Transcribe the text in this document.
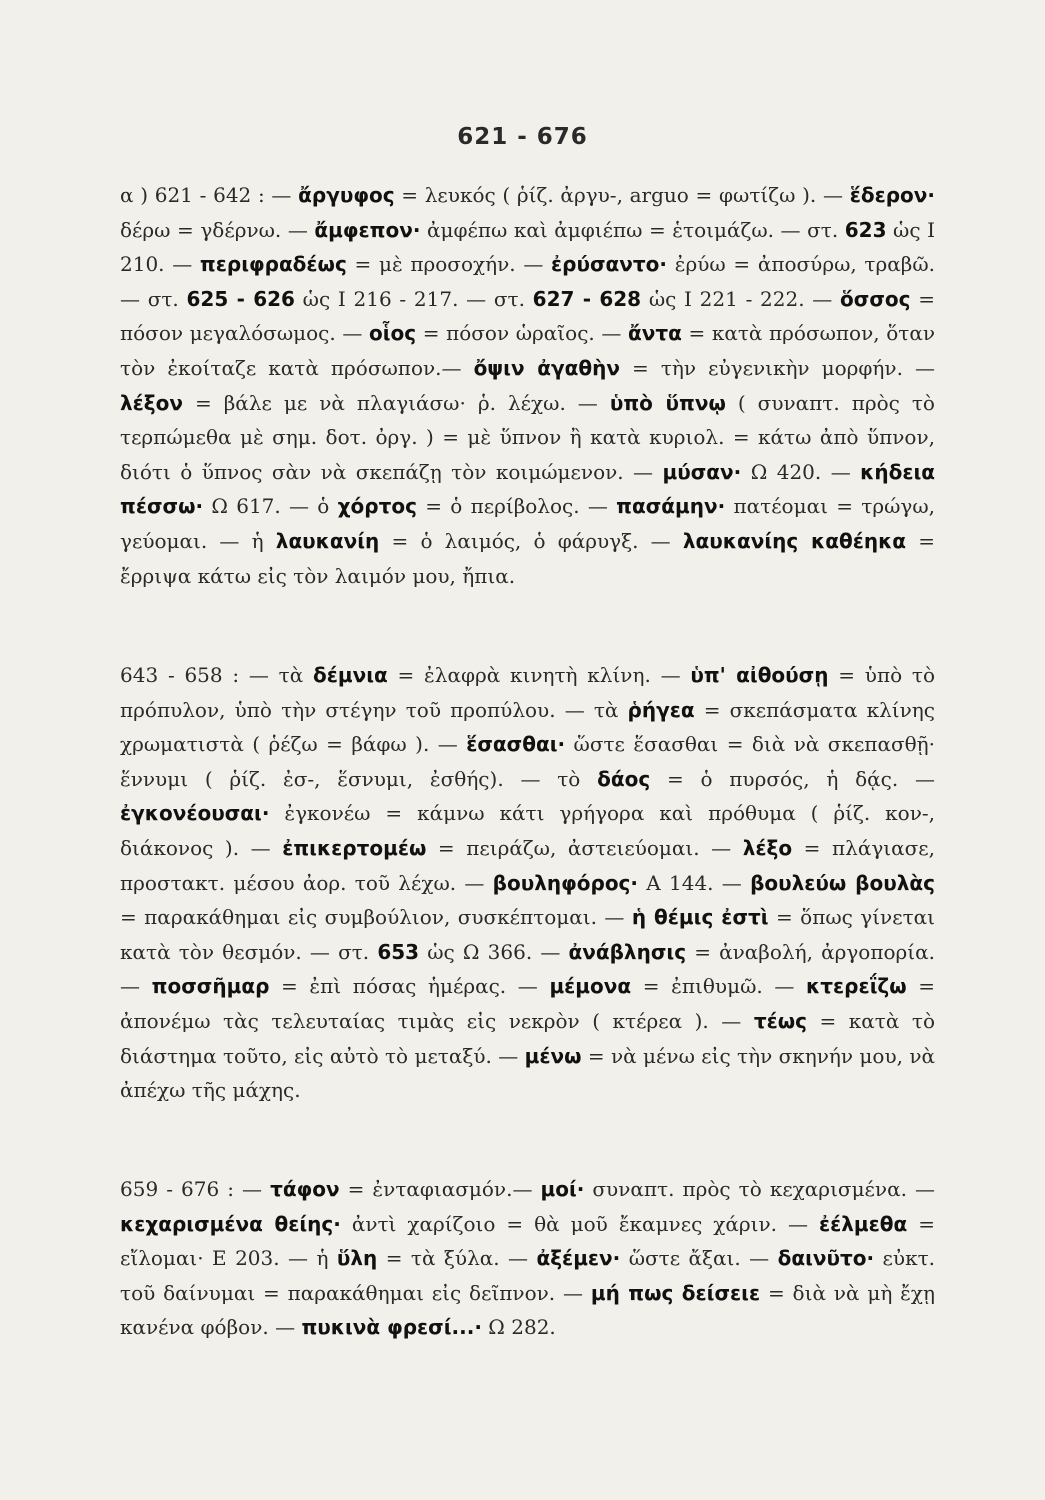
621 - 676
α ) 621 - 642 : — ἄργυφος = λευκός ( ῥίζ. ἀργυ-, arguo = φωτίζω ). — ἕδερον· δέρω = γδέρνω. — ἄμφεπον· ἀμφέπω καὶ ἀμφιέπω = ἑτοιμάζω. — στ. 623 ὡς Ι 210. — περιφραδέως = μὲ προσοχήν. — ἐρύσαντο· ἐρύω = ἀποσύρω, τραβῶ. — στ. 625 - 626 ὡς Ι 216 - 217. — στ. 627 - 628 ὡς Ι 221 - 222. — ὅσσος = πόσον μεγαλόσωμος. — οἷος = πόσον ὡραῖος. — ἄντα = κατὰ πρόσωπον, ὅταν τὸν ἐκοίταζε κατὰ πρόσωπον.— ὄψιν ἀγαθὴν = τὴν εὐγενικὴν μορφήν. — λέξον = βάλε με νὰ πλαγιάσω· ῥ. λέχω. — ὑπὸ ὕπνῳ ( συναπτ. πρὸς τὸ τερπώμεθα μὲ σημ. δοτ. ὀργ. ) = μὲ ὕπνον ἢ κατὰ κυριολ. = κάτω ἀπὸ ὕπνον, διότι ὁ ὕπνος σὰν νὰ σκεπάζῃ τὸν κοιμώμενον. — μύσαν· Ω 420. — κήδεια πέσσω· Ω 617. — ὁ χόρτος = ὁ περίβολος. — πασάμην· πατέομαι = τρώγω, γεύομαι. — ἡ λαυκανίη = ὁ λαιμός, ὁ φάρυγξ. — λαυκανίης καθέηκα = ἔρριψα κάτω εἰς τὸν λαιμόν μου, ἤπια.
643 - 658 : — τὰ δέμνια = ἐλαφρὰ κινητὴ κλίνη. — ὑπ' αἰθούσῃ = ὑπὸ τὸ πρόπυλον, ὑπὸ τὴν στέγην τοῦ προπύλου. — τὰ ῥήγεα = σκεπάσματα κλίνης χρωματιστὰ ( ῥέζω = βάφω ). — ἕσασθαι· ὥστε ἕσασθαι = διὰ νὰ σκεπασθῇ· ἕννυμι ( ῥίζ. ἐσ-, ἕσνυμι, ἐσθής). — τὸ δάος = ὁ πυρσός, ἡ δᾴς. — ἐγκονέουσαι· ἐγκονέω = κάμνω κάτι γρήγορα καὶ πρόθυμα ( ῥίζ. κον-, διάκονος ). — ἐπικερτομέω = πειράζω, ἀστειεύομαι. — λέξο = πλάγιασε, προστακτ. μέσου ἀορ. τοῦ λέχω. — βουληφόρος· Α 144. — βουλεύω βουλὰς = παρακάθημαι εἰς συμβούλιον, συσκέπτομαι. — ἡ θέμις ἐστὶ = ὅπως γίνεται κατὰ τὸν θεσμόν. — στ. 653 ὡς Ω 366. — ἀνάβλησις = ἀναβολή, ἀργοπορία. — ποσσῆμαρ = ἐπὶ πόσας ἡμέρας. — μέμονα = ἐπιθυμῶ. — κτερεΐζω = ἀπονέμω τὰς τελευταίας τιμὰς εἰς νεκρὸν ( κτέρεα ). — τέως = κατὰ τὸ διάστημα τοῦτο, εἰς αὐτὸ τὸ μεταξύ. — μένω = νὰ μένω εἰς τὴν σκηνήν μου, νὰ ἀπέχω τῆς μάχης.
659 - 676 : — τάφον = ἐνταφιασμόν.— μοί· συναπτ. πρὸς τὸ κεχαρισμένα. — κεχαρισμένα θείης· ἀντὶ χαρίζοιο = θὰ μοῦ ἔκαμνες χάριν. — ἐέλμεθα = εἴλομαι· Ε 203. — ἡ ὕλη = τὰ ξύλα. — ἀξέμεν· ὥστε ἄξαι. — δαινῦτο· εὐκτ. τοῦ δαίνυμαι = παρακάθημαι εἰς δεῖπνον. — μή πως δείσειε = διὰ νὰ μὴ ἔχῃ κανένα φόβον. — πυκινὰ φρεσί...· Ω 282.
